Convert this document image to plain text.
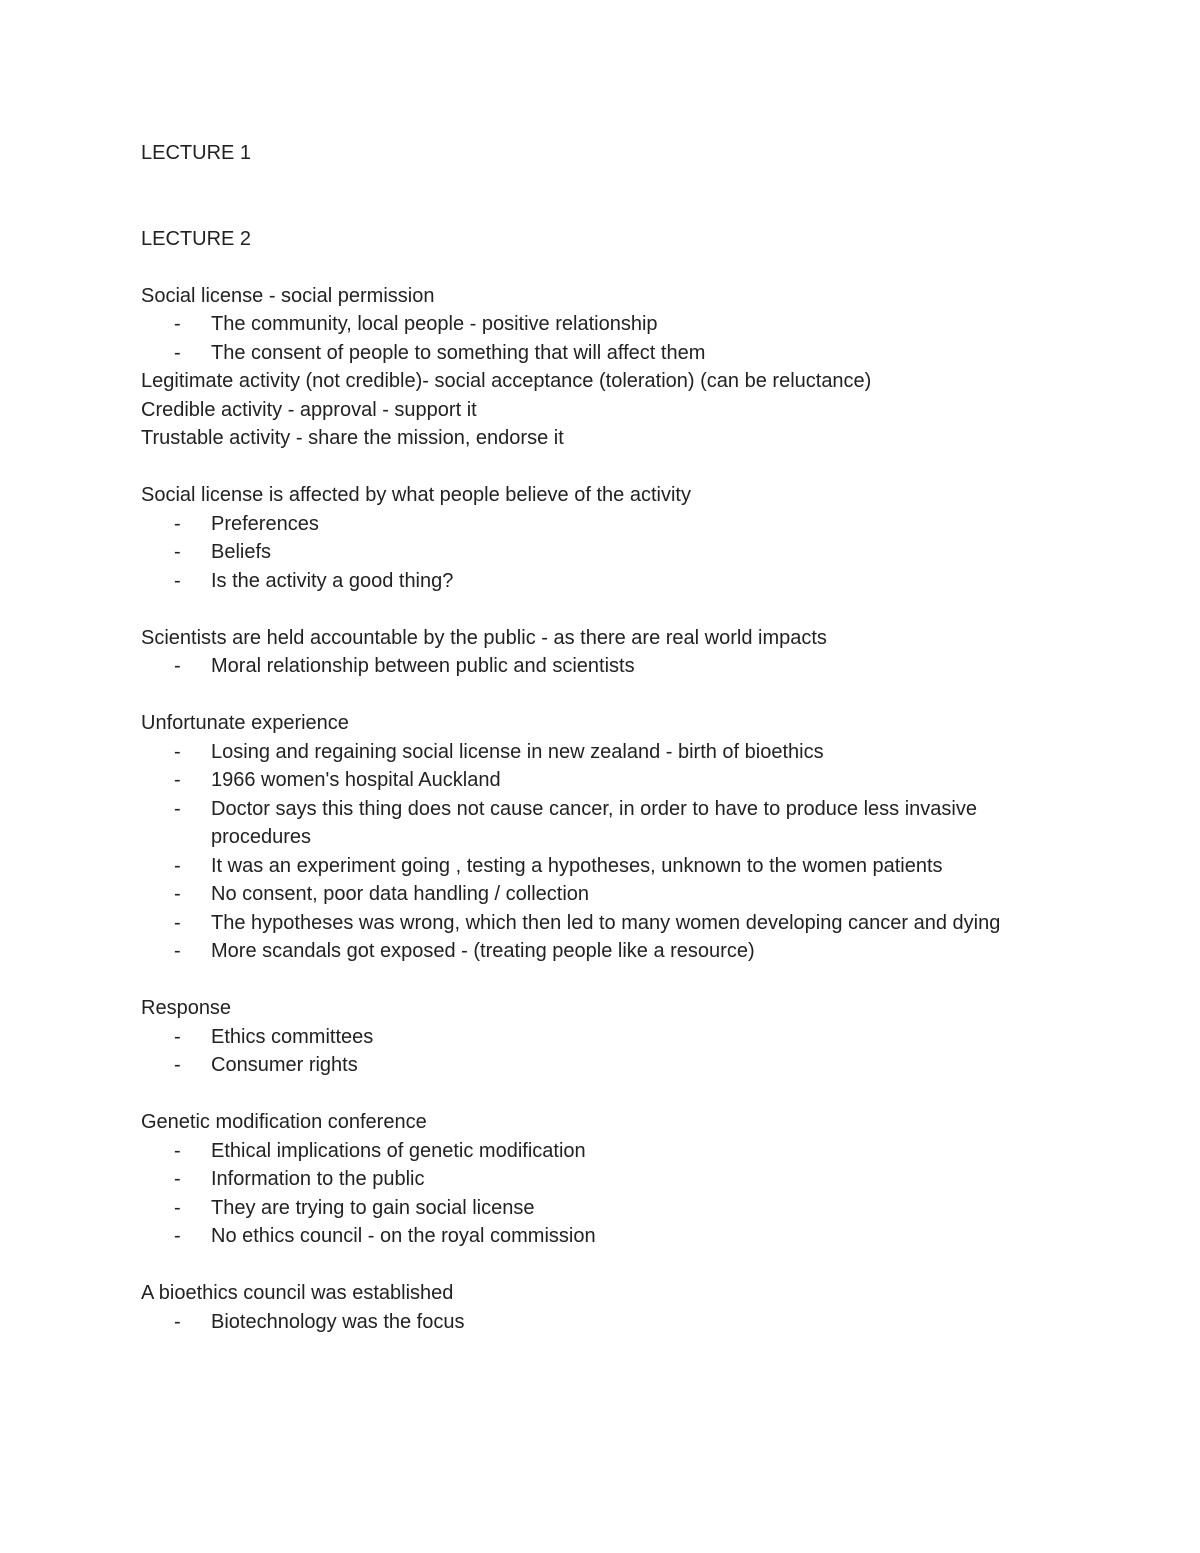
LECTURE 1
LECTURE 2
Social license - social permission
- The community, local people - positive relationship
- The consent of people to something that will affect them
Legitimate activity (not credible)- social acceptance (toleration) (can be reluctance)
Credible activity - approval - support it
Trustable activity - share the mission, endorse it
Social license is affected by what people believe of the activity
- Preferences
- Beliefs
- Is the activity a good thing?
Scientists are held accountable by the public - as there are real world impacts
- Moral relationship between public and scientists
Unfortunate experience
- Losing and regaining social license in new zealand - birth of bioethics
- 1966 women's hospital Auckland
- Doctor says this thing does not cause cancer, in order to have to produce less invasive procedures
- It was an experiment going , testing a hypotheses, unknown to the women patients
- No consent, poor data handling / collection
- The hypotheses was wrong, which then led to many women developing cancer and dying
- More scandals got exposed - (treating people like a resource)
Response
- Ethics committees
- Consumer rights
Genetic modification conference
- Ethical implications of genetic modification
- Information to the public
- They are trying to gain social license
- No ethics council - on the royal commission
A bioethics council was established
- Biotechnology was the focus
